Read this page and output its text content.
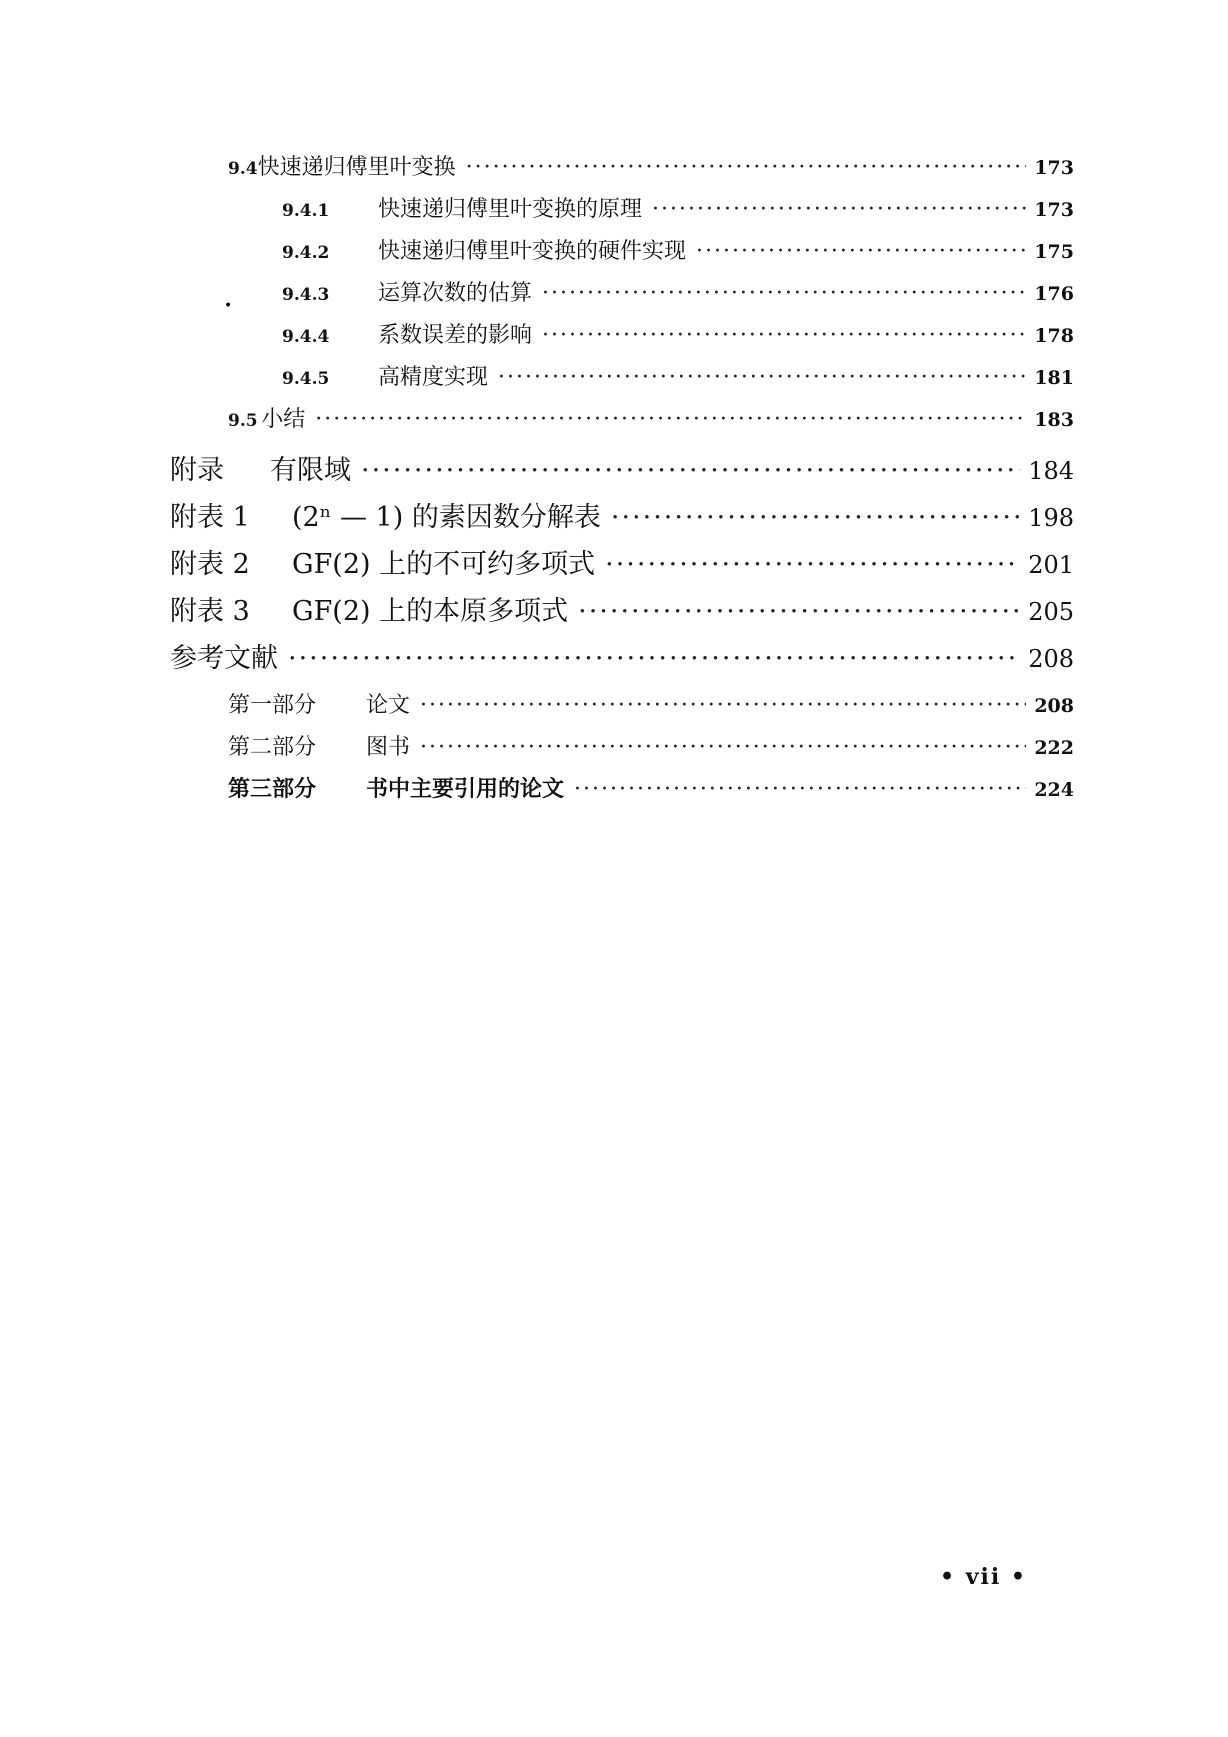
9.4 快速递归傅里叶变换 ·····	173
9.4.1	快速递归傅里叶变换的原理 ·····	173
9.4.2	快速递归傅里叶变换的硬件实现 ·····	175
•
9.4.3	运算次数的估算 ·····	176
9.4.4	系数误差的影响 ·····	178
9.4.5	高精度实现 ·····	181
9.5 小结 ·····	183
附录	有限域 ·····	184
附表 1	(2ⁿ — 1) 的素因数分解表 ·····	198
附表 2	GF(2) 上的不可约多项式 ·····	201
附表 3	GF(2) 上的本原多项式 ·····	205
参考文献 ·····	208
第一部分	论文 ·····	208
第二部分	图书 ·····	222
第三部分	书中主要引用的论文 ·····	224
• vii •
